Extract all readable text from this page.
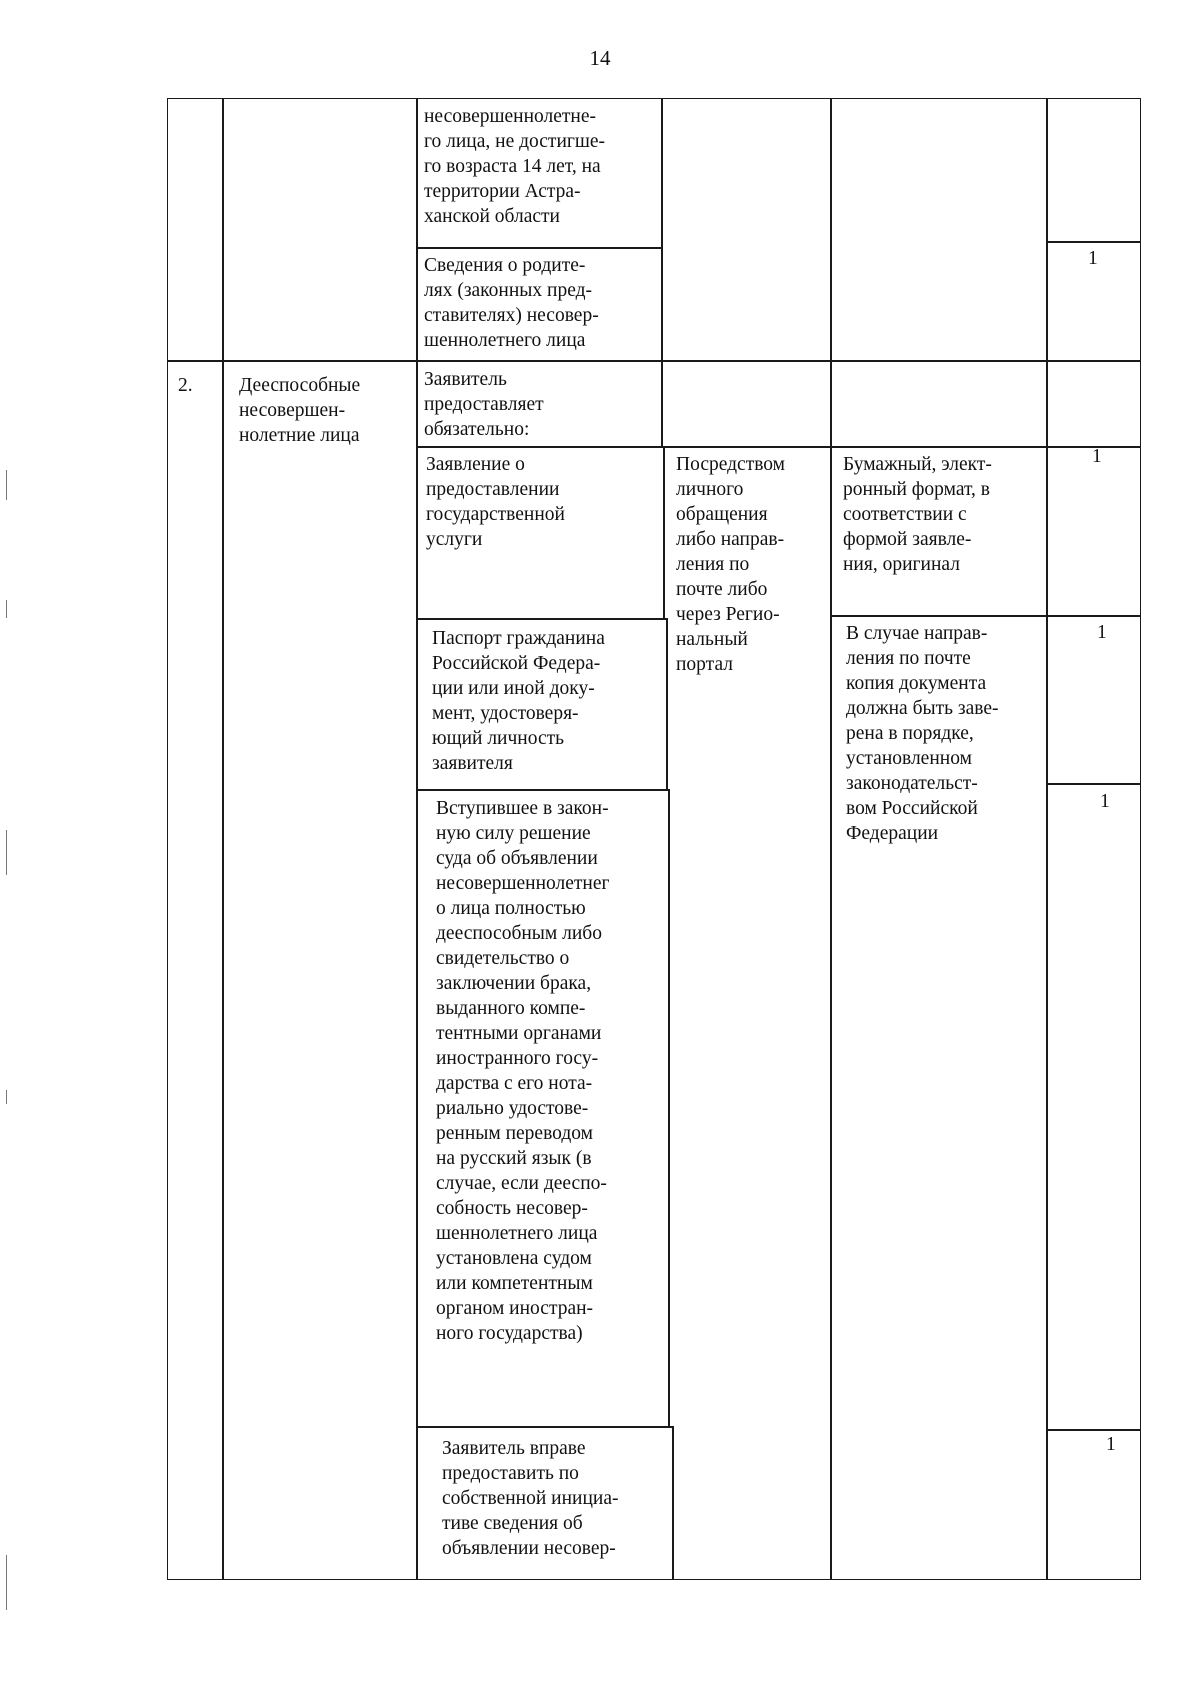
14
несовершеннолетне-
го лица, не достигше-
го возраста 14 лет, на
территории Астра-
ханской области
Сведения о родите-
лях (законных пред-
ставителях) несовер-
шеннолетнего лица
1
2. Дееспособные
несовершен-
нолетние лица
Заявитель
предоставляет
обязательно:
Заявление о
предоставлении
государственной
услуги
Посредством
личного
обращения
либо направ-
ления по
почте либо
через Регио-
нальный
портал
Бумажный, элект-
ронный формат, в
соответствии с
формой заявле-
ния, оригинал
1
Паспорт гражданина
Российской Федера-
ции или иной доку-
мент, удостоверя-
ющий личность
заявителя
В случае направ-
ления по почте
копия документа
должна быть заве-
рена в порядке,
установленном
законодательст-
вом Российской
Федерации
1
Вступившее в закон-
ную силу решение
суда об объявлении
несовершеннолетнег
о лица полностью
дееспособным либо
свидетельство о
заключении брака,
выданного компе-
тентными органами
иностранного госу-
дарства с его нота-
риально удостове-
ренным переводом
на русский язык (в
случае, если дееспо-
собность несовер-
шеннолетнего лица
установлена судом
или компетентным
органом иностран-
ного государства)
1
Заявитель вправе
предоставить по
собственной инициа-
тиве сведения об
объявлении несовер-
1
